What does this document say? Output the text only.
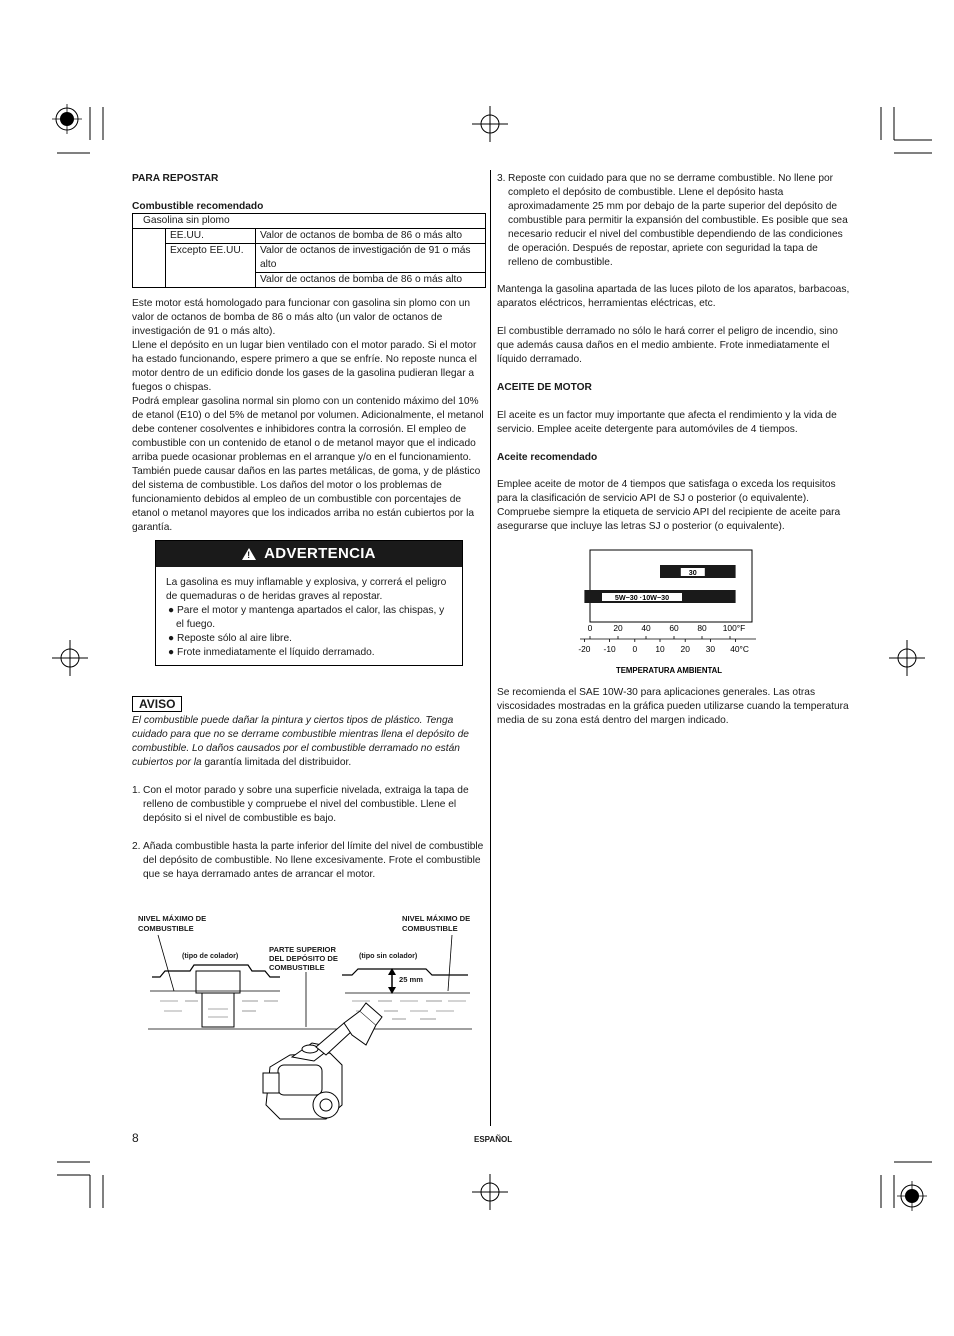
PARA REPOSTAR
Combustible recomendado
Gasolina sin plomo		
	EE.UU.	Valor de octanos de bomba de 86 o más alto
	Excepto EE.UU.	Valor de octanos de investigación de 91 o más alto
		Valor de octanos de bomba de 86 o más alto

Este motor está homologado para funcionar con gasolina sin plomo con un valor de octanos de bomba de 86 o más alto (un valor de octanos de investigación de 91 o más alto).

Llene el depósito en un lugar bien ventilado con el motor parado. Si el motor ha estado funcionando, espere primero a que se enfríe. No reposte nunca el motor dentro de un edificio donde los gases de la gasolina pudieran llegar a fuegos o chispas.

Podrá emplear gasolina normal sin plomo con un contenido máximo del 10% de etanol (E10) o del 5% de metanol por volumen. Adicionalmente, el metanol debe contener cosolventes e inhibidores contra la corrosión. El empleo de combustible con un contenido de etanol o de metanol mayor que el indicado arriba puede ocasionar problemas en el arranque y/o en el funcionamiento. También puede causar daños en las partes metálicas, de goma, y de plástico del sistema de combustible. Los daños del motor o los problemas de funcionamiento debidos al empleo de un combustible con porcentajes de etanol o metanol mayores que los indicados arriba no están cubiertos por la garantía.

! ADVERTENCIA

La gasolina es muy inflamable y explosiva, y correrá el peligro de quemaduras o de heridas graves al repostar.

● Pare el motor y mantenga apartados el calor, las chispas, y el fuego.
● Reposte sólo al aire libre.
● Frote inmediatamente el líquido derramado.
AVISO

El combustible puede dañar la pintura y ciertos tipos de plástico. Tenga cuidado para que no se derrame combustible mientras llena el depósito de combustible. Lo daños causados por el combustible derramado no están cubiertos por la garantía limitada del distribuidor.

1. Con el motor parado y sobre una superficie nivelada, extraiga la tapa de relleno de combustible y compruebe el nivel del combustible. Llene el depósito si el nivel de combustible es bajo.

2. Añada combustible hasta la parte inferior del límite del nivel de combustible del depósito de combustible. No llene excesivamente. Frote el combustible que se haya derramado antes de arrancar el motor.

NIVEL MÁXIMO DE
COMBUSTIBLE
NIVEL MÁXIMO DE
COMBUSTIBLE
PARTE SUPERIOR
DEL DEPÓSITO DE
COMBUSTIBLE
25 mm
(tipo de colador)	(tipo sin colador)
8	ESPAÑOL
3. Reposte con cuidado para que no se derrame combustible. No llene por completo el depósito de combustible. Llene el depósito hasta aproximadamente 25 mm por debajo de la parte superior del depósito de combustible para permitir la expansión del combustible. Es posible que sea necesario reducir el nivel del combustible dependiendo de las condiciones de operación. Después de repostar, apriete con seguridad la tapa de relleno de combustible.

Mantenga la gasolina apartada de las luces piloto de los aparatos, barbacoas, aparatos eléctricos, herramientas eléctricas, etc.

El combustible derramado no sólo le hará correr el peligro de incendio, sino que además causa daños en el medio ambiente. Frote inmediatamente el líquido derramado.

ACEITE DE MOTOR

El aceite es un factor muy importante que afecta el rendimiento y la vida de servicio. Emplee aceite detergente para automóviles de 4 tiempos.

Aceite recomendado

Emplee aceite de motor de 4 tiempos que satisfaga o exceda los requisitos para la clasificación de servicio API de SJ o posterior (o equivalente). Compruebe siempre la etiqueta de servicio API del recipiente de aceite para asegurarse que incluye las letras SJ o posterior (o equivalente).

30
5W−30 ·10W−30
0	20 40 60 80 100°F
-20 -10 0 10 20 30 40°C
TEMPERATURA AMBIENTAL

Se recomienda el SAE 10W-30 para aplicaciones generales. Las otras viscosidades mostradas en la gráfica pueden utilizarse cuando la temperatura media de su zona está dentro del margen indicado.
